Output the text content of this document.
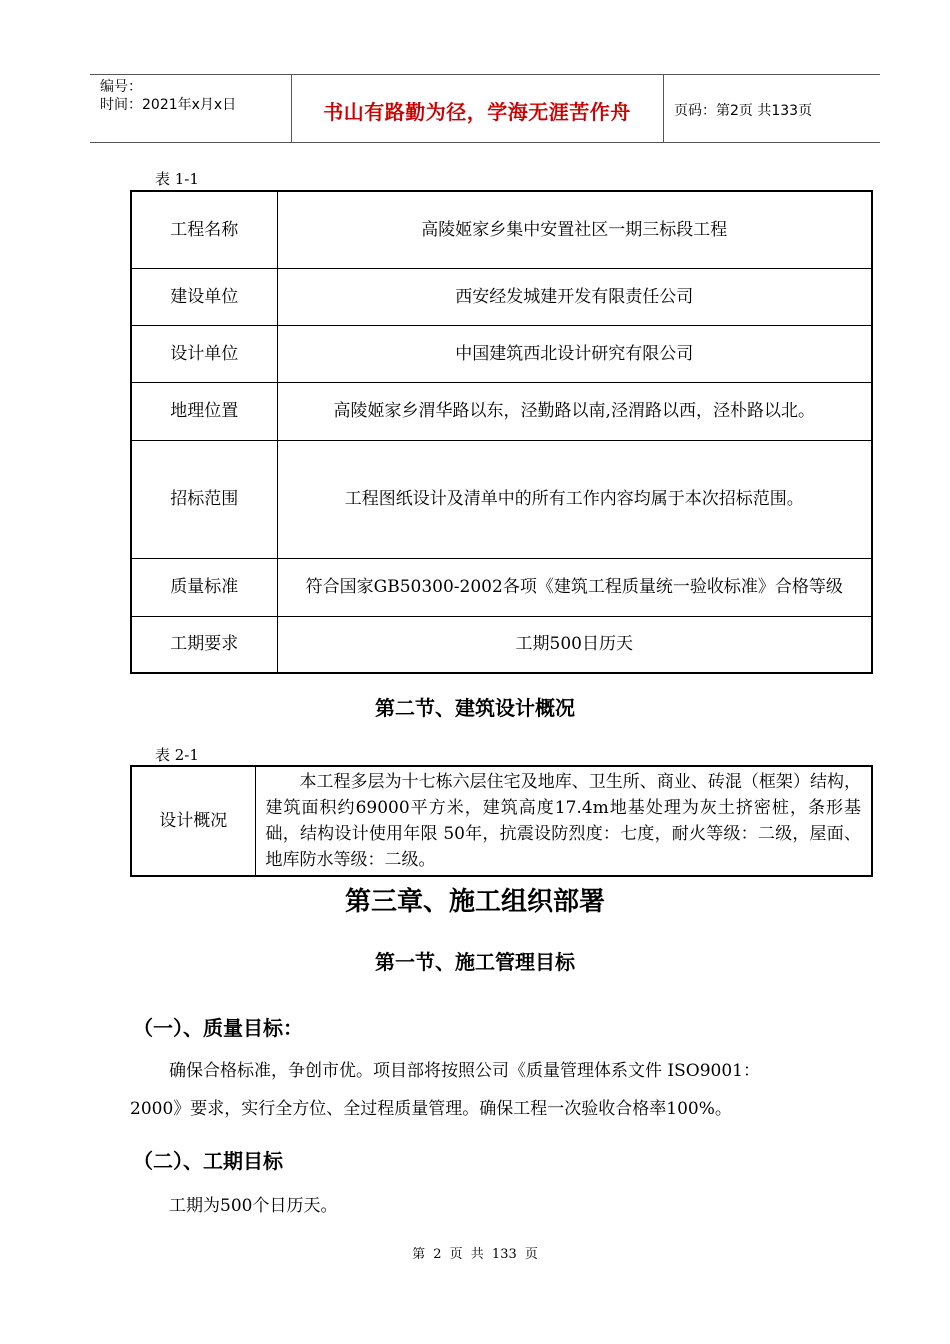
编号：
时间：2021年x月x日	书山有路勤为径，学海无涯苦作舟	页码：第2页 共133页
表 1-1
工程名称	高陵姬家乡集中安置社区一期三标段工程
建设单位	西安经发城建开发有限责任公司
设计单位	中国建筑西北设计研究有限公司
地理位置	高陵姬家乡渭华路以东，泾勤路以南,泾渭路以西，泾朴路以北。
招标范围	工程图纸设计及清单中的所有工作内容均属于本次招标范围。
质量标准	符合国家GB50300-2002各项《建筑工程质量统一验收标准》合格等级
工期要求	工期500日历天
第二节、建筑设计概况
表 2-1
设计概况	本工程多层为十七栋六层住宅及地库、卫生所、商业、砖混（框架）结构，建筑面积约69000平方米，建筑高度17.4m地基处理为灰土挤密桩，条形基础，结构设计使用年限 50年，抗震设防烈度：七度，耐火等级：二级，屋面、地库防水等级：二级。
第三章、施工组织部署
第一节、施工管理目标
（一）、质量目标：
确保合格标准，争创市优。项目部将按照公司《质量管理体系文件 ISO9001：
2000》要求，实行全方位、全过程质量管理。确保工程一次验收合格率100%。
（二）、工期目标
工期为500个日历天。
第 2 页 共 133 页
